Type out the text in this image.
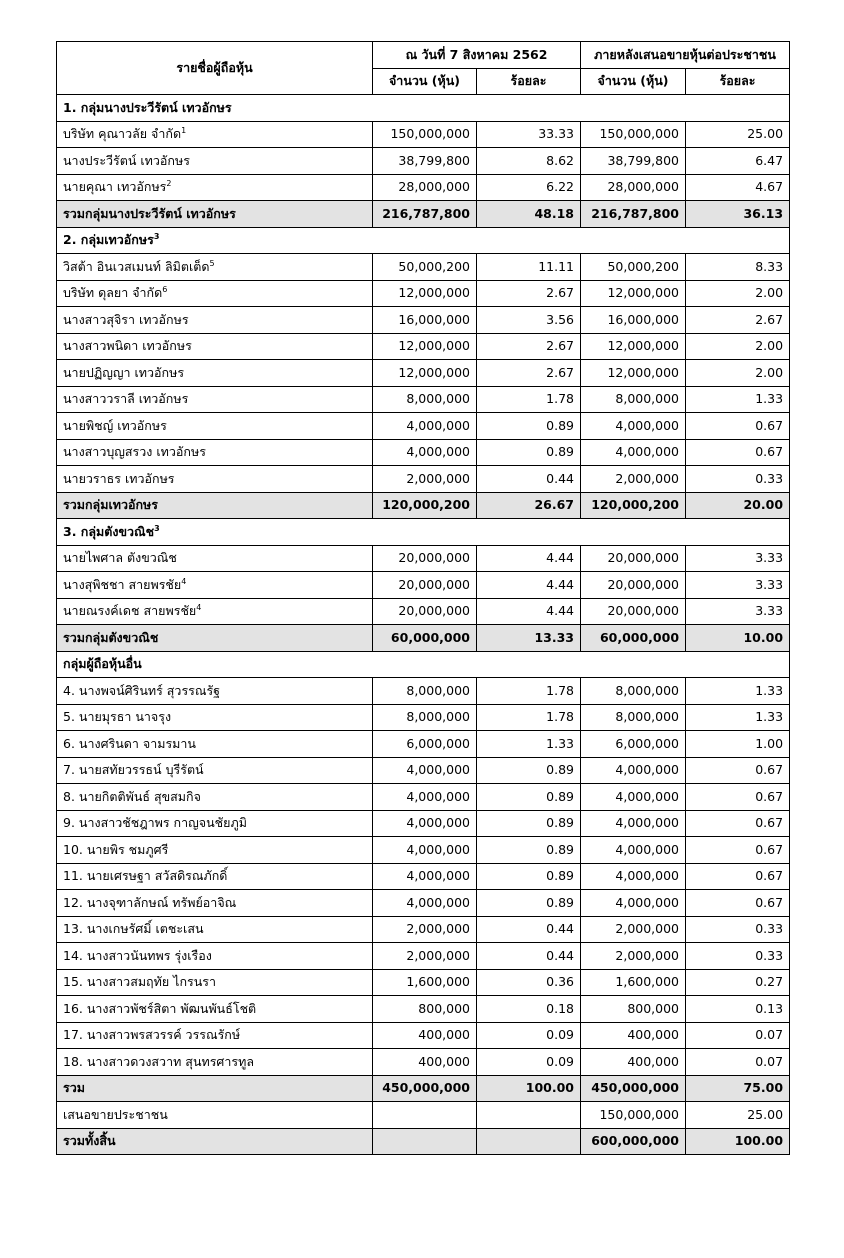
รายชื่อผู้ถือหุ้น	ณ วันที่ 7 สิงหาคม 2562		ภายหลังเสนอขายหุ้นต่อประชาชน	
	จำนวน (หุ้น)	ร้อยละ	จำนวน (หุ้น)	ร้อยละ
1. กลุ่มนางประวีรัตน์ เทวอักษร				
บริษัท คุณาวลัย จำกัด$^1$	150,000,000	33.33	150,000,000	25.00
นางประวีรัตน์ เทวอักษร	38,799,800	8.62	38,799,800	6.47
นายคุณา เทวอักษร$^2$	28,000,000	6.22	28,000,000	4.67
รวมกลุ่มนางประวีรัตน์ เทวอักษร	216,787,800	48.18	216,787,800	36.13
2. กลุ่มเทวอักษร$^3$
วิสต้า อินเวสเมนท์ ลิมิตเต็ด$^5$	50,000,200	11.11	50,000,200	8.33
บริษัท ดุลยา จำกัด$^6$	12,000,000	2.67	12,000,000	2.00
นางสาวสุจิรา เทวอักษร	16,000,000	3.56	16,000,000	2.67
นางสาวพนิดา เทวอักษร	12,000,000	2.67	12,000,000	2.00
นายปฏิญญา เทวอักษร	12,000,000	2.67	12,000,000	2.00
นางสาววราลี เทวอักษร	8,000,000	1.78	8,000,000	1.33
นายพิชญ์ เทวอักษร	4,000,000	0.89	4,000,000	0.67
นางสาวบุญสรวง เทวอักษร	4,000,000	0.89	4,000,000	0.67
นายวราธร เทวอักษร	2,000,000	0.44	2,000,000	0.33
รวมกลุ่มเทวอักษร	120,000,200	26.67	120,000,200	20.00
3. กลุ่มตังขวณิช$^3$
นายไพศาล ตังขวณิช	20,000,000	4.44	20,000,000	3.33
นางสุพิชชา สายพรชัย$^4$	20,000,000	4.44	20,000,000	3.33
นายณรงค์เดช สายพรชัย$^4$	20,000,000	4.44	20,000,000	3.33
รวมกลุ่มตังขวณิช	60,000,000	13.33	60,000,000	10.00
กลุ่มผู้ถือหุ้นอื่น				
4. นางพจน์ศิรินทร์ สุวรรณรัฐ	8,000,000	1.78	8,000,000	1.33
5. นายมุรธา นาจรุง	8,000,000	1.78	8,000,000	1.33
6. นางศรินดา จามรมาน	6,000,000	1.33	6,000,000	1.00
7. นายสทัยวรรธน์ บุรีรัตน์	4,000,000	0.89	4,000,000	0.67
8. นายกิตติพันธ์ สุขสมกิจ	4,000,000	0.89	4,000,000	0.67
9. นางสาวชัชฎาพร กาญจนชัยภูมิ	4,000,000	0.89	4,000,000	0.67
10. นายพิร ชมภูศรี	4,000,000	0.89	4,000,000	0.67
11. นายเศรษฐา สวัสดิรณภักดิ์	4,000,000	0.89	4,000,000	0.67
12. นางจุฑาลักษณ์ ทรัพย์อาจิณ	4,000,000	0.89	4,000,000	0.67
13. นางเกษรัศมิ์ เตชะเสน	2,000,000	0.44	2,000,000	0.33
14. นางสาวนันทพร รุ่งเรือง	2,000,000	0.44	2,000,000	0.33
15. นางสาวสมฤทัย ไกรนรา	1,600,000	0.36	1,600,000	0.27
16. นางสาวพัชร์สิตา พัฒนพันธ์โชติ	800,000	0.18	800,000	0.13
17. นางสาวพรสวรรค์ วรรณรักษ์	400,000	0.09	400,000	0.07
18. นางสาวดวงสวาท สุนทรศารทูล	400,000	0.09	400,000	0.07
รวม	450,000,000	100.00	450,000,000	75.00
เสนอขายประชาชน			150,000,000	25.00
รวมทั้งสิ้น			600,000,000	100.00
